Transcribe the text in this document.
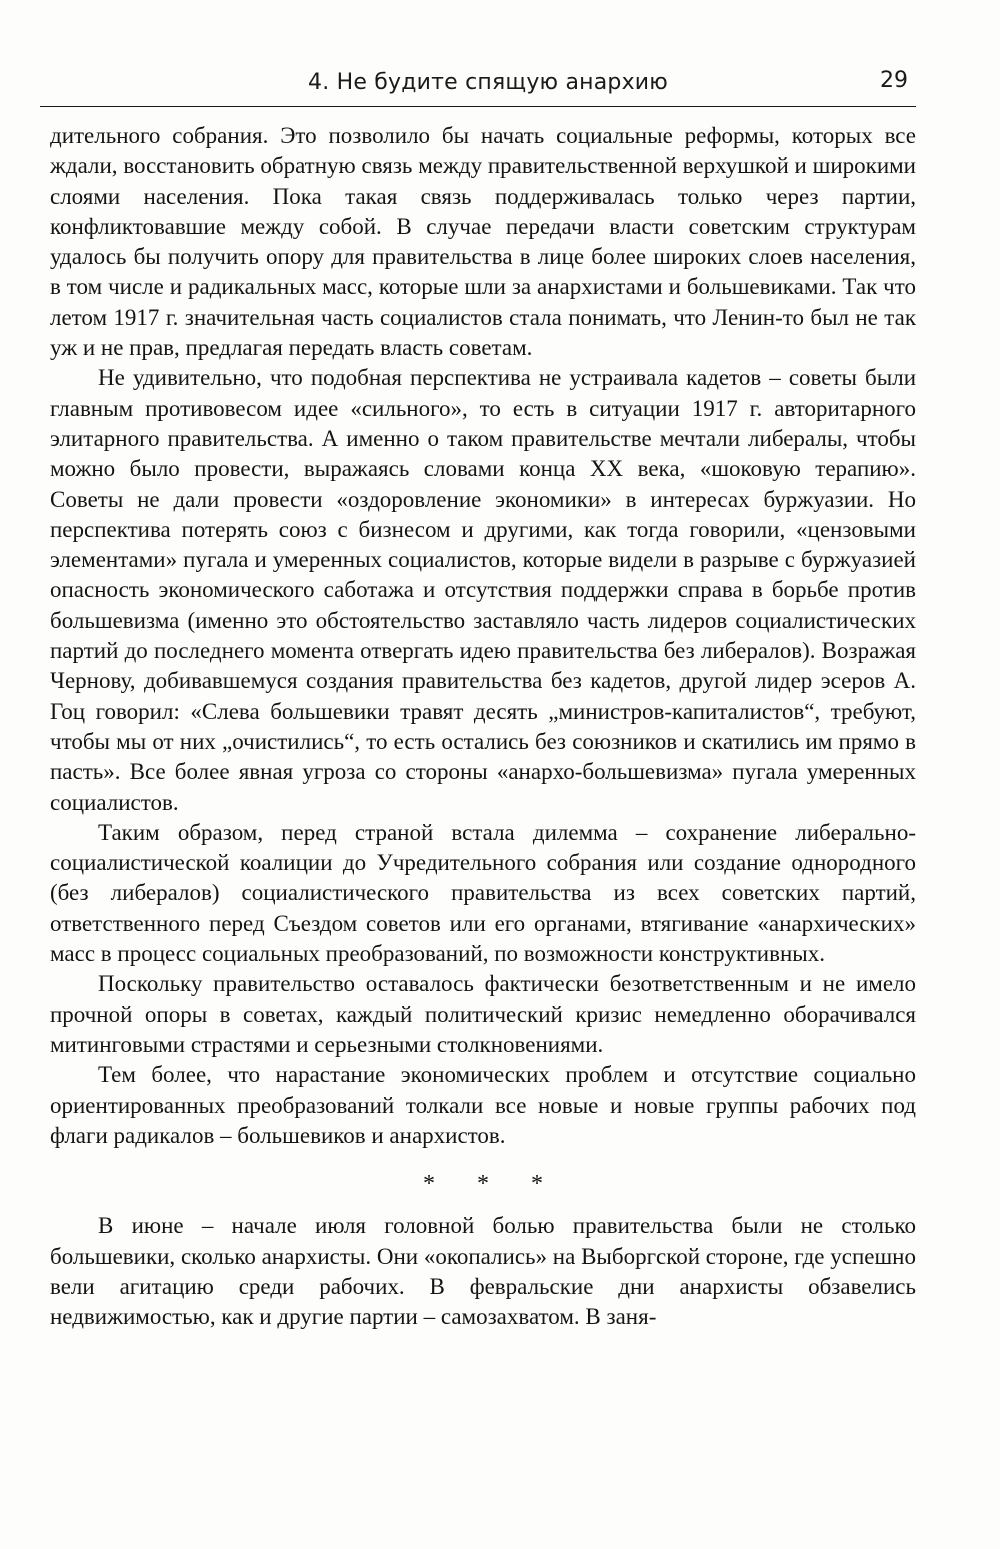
4. Не будите спящую анархию	29

дительного собрания. Это позволило бы начать социальные реформы, которых все ждали, восстановить обратную связь между правительственной верхушкой и широкими слоями населения. Пока такая связь поддерживалась только через партии, конфликтовавшие между собой. В случае передачи власти советским структурам удалось бы получить опору для правительства в лице более широких слоев населения, в том числе и радикальных масс, которые шли за анархистами и большевиками. Так что летом 1917 г. значительная часть социалистов стала понимать, что Ленин-то был не так уж и не прав, предлагая передать власть советам.

Не удивительно, что подобная перспектива не устраивала кадетов – советы были главным противовесом идее «сильного», то есть в ситуации 1917 г. авторитарного элитарного правительства. А именно о таком правительстве мечтали либералы, чтобы можно было провести, выражаясь словами конца XX века, «шоковую терапию». Советы не дали провести «оздоровление экономики» в интересах буржуазии. Но перспектива потерять союз с бизнесом и другими, как тогда говорили, «цензовыми элементами» пугала и умеренных социалистов, которые видели в разрыве с буржуазией опасность экономического саботажа и отсутствия поддержки справа в борьбе против большевизма (именно это обстоятельство заставляло часть лидеров социалистических партий до последнего момента отвергать идею правительства без либералов). Возражая Чернову, добивавшемуся создания правительства без кадетов, другой лидер эсеров А. Гоц говорил: «Слева большевики травят десять „министров-капиталистов“, требуют, чтобы мы от них „очистились“, то есть остались без союзников и скатились им прямо в пасть». Все более явная угроза со стороны «анархо-большевизма» пугала умеренных социалистов.

Таким образом, перед страной встала дилемма – сохранение либерально-социалистической коалиции до Учредительного собрания или создание однородного (без либералов) социалистического правительства из всех советских партий, ответственного перед Съездом советов или его органами, втягивание «анархических» масс в процесс социальных преобразований, по возможности конструктивных.

Поскольку правительство оставалось фактически безответственным и не имело прочной опоры в советах, каждый политический кризис немедленно оборачивался митинговыми страстями и серьезными столкновениями.

Тем более, что нарастание экономических проблем и отсутствие социально ориентированных преобразований толкали все новые и новые группы рабочих под флаги радикалов – большевиков и анархистов.

* * *

В июне – начале июля головной болью правительства были не столько большевики, сколько анархисты. Они «окопались» на Выборгской стороне, где успешно вели агитацию среди рабочих. В февральские дни анархисты обзавелись недвижимостью, как и другие партии – самозахватом. В заня-
